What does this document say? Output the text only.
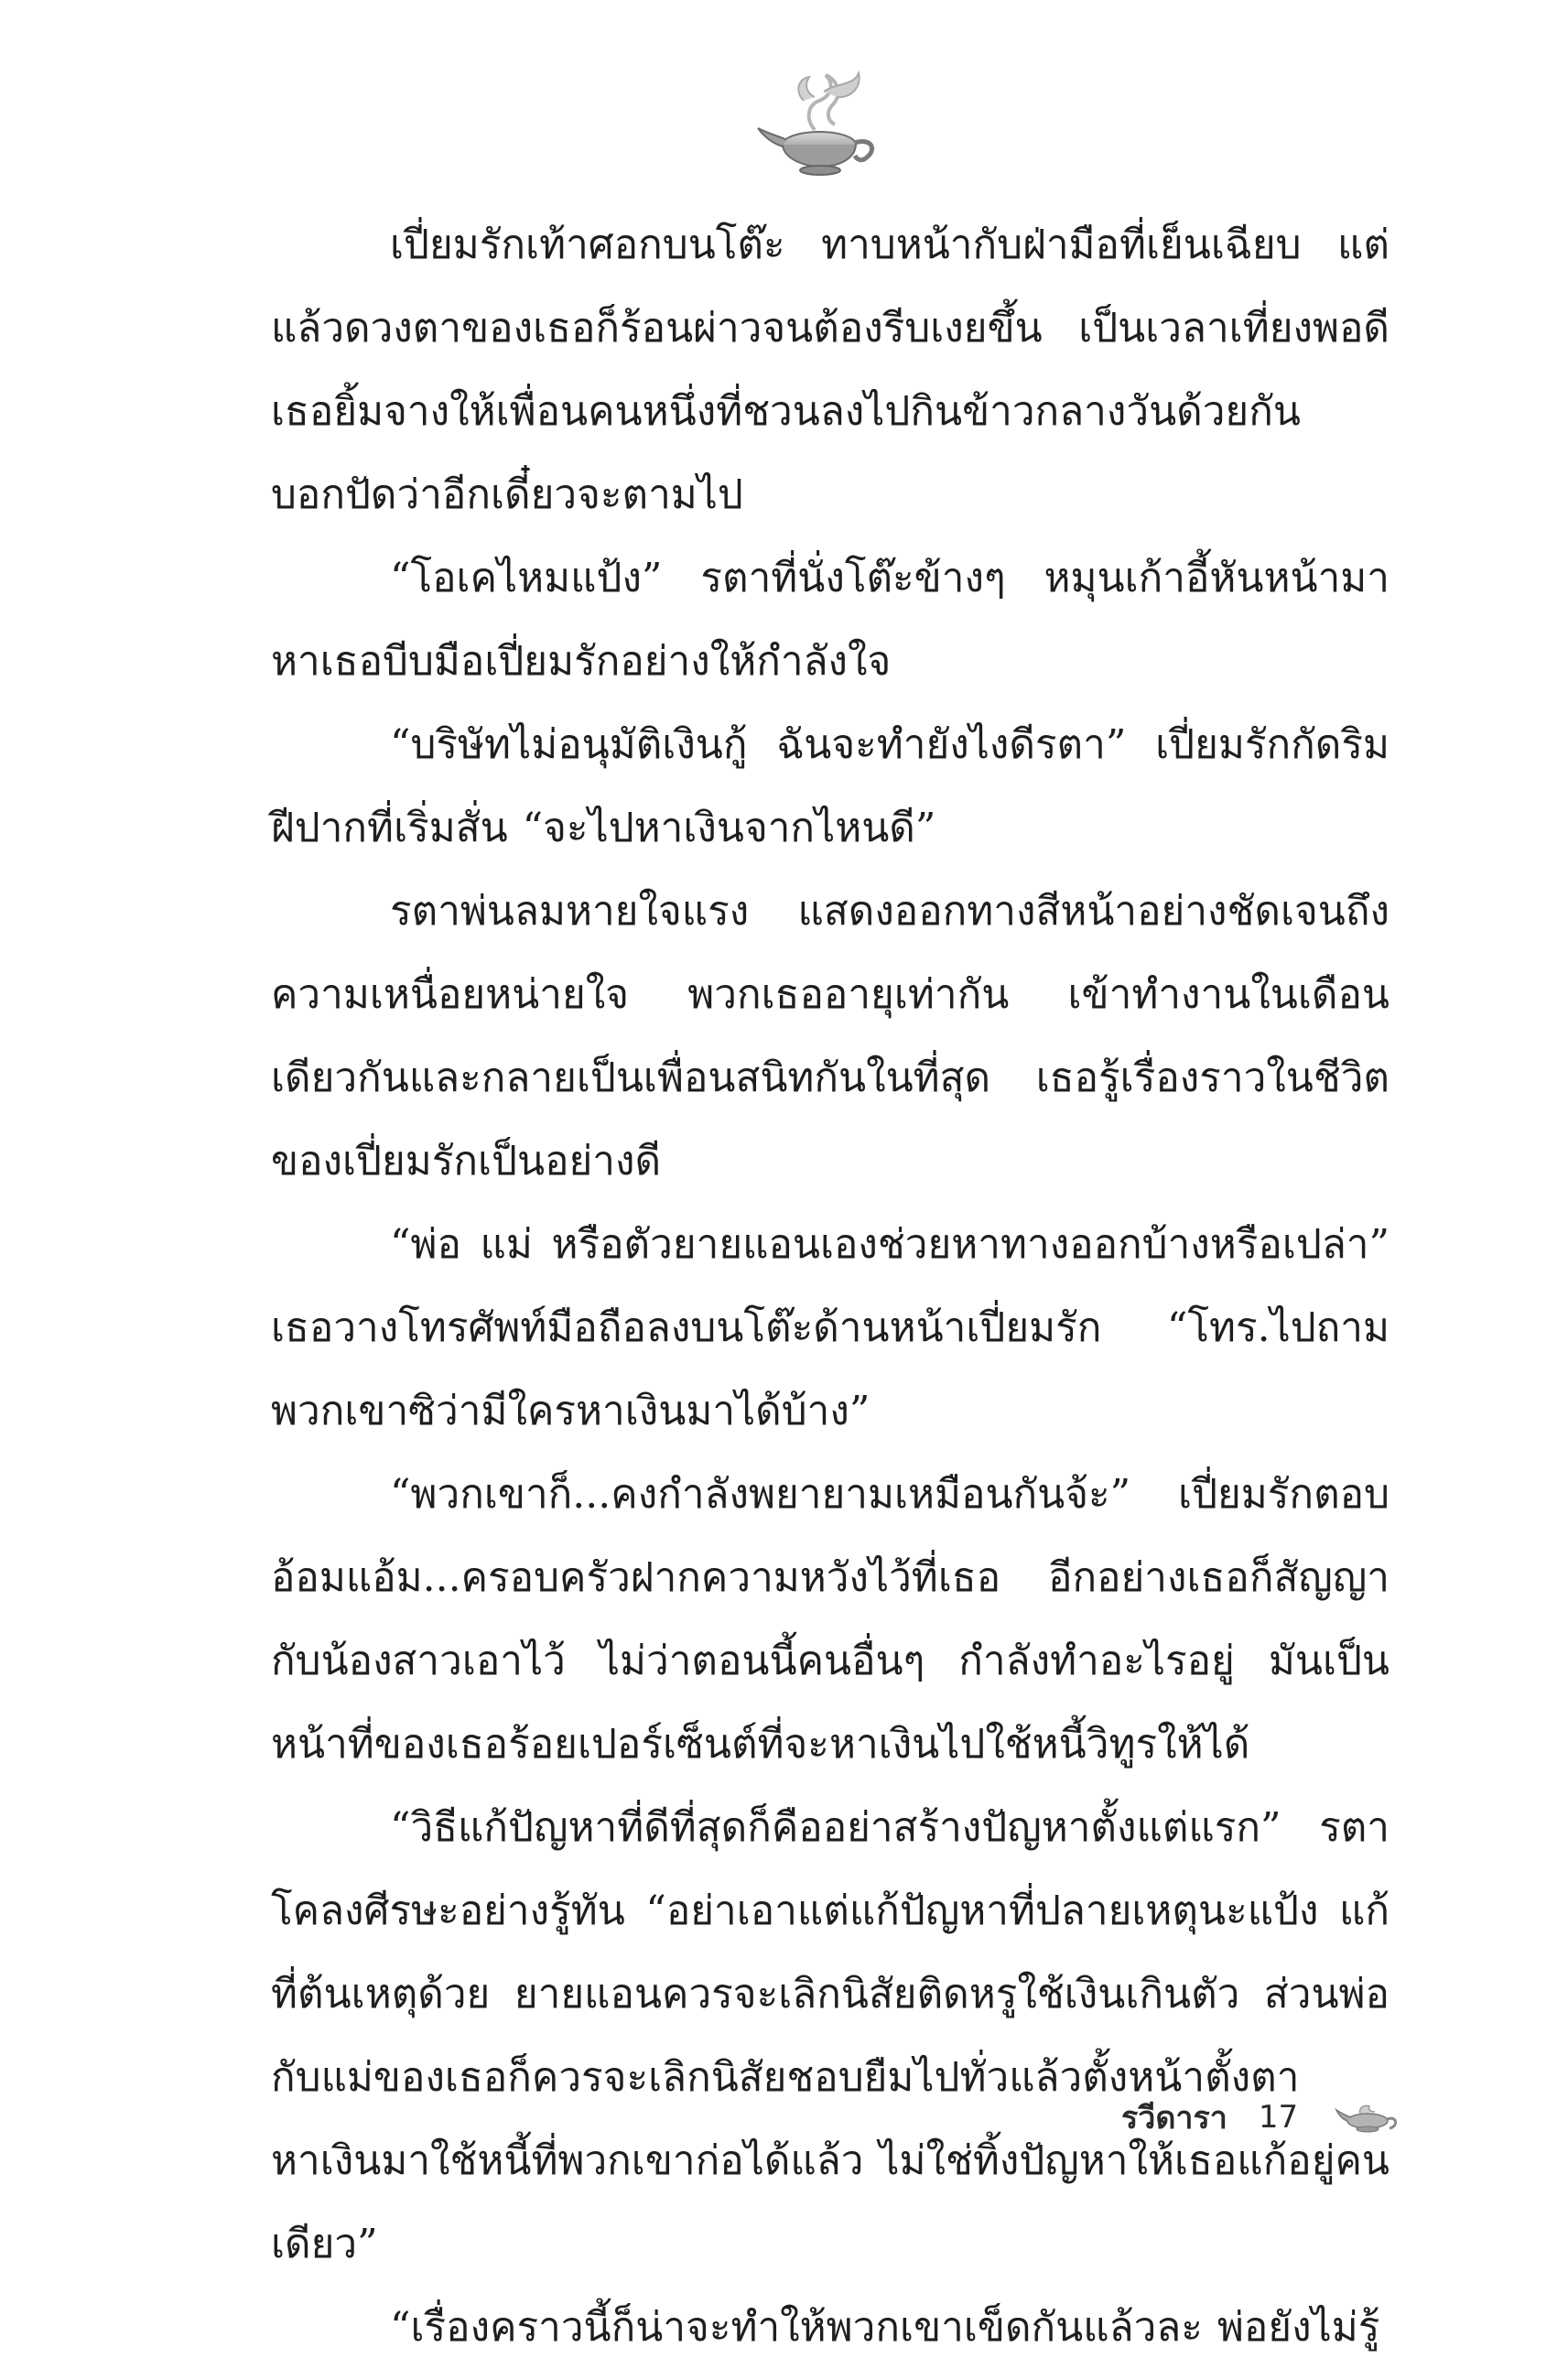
เปี่ยมรักเท้าศอกบนโต๊ะ ทาบหน้ากับฝ่ามือที่เย็นเฉียบ แต่แล้วดวงตาของเธอก็ร้อนผ่าวจนต้องรีบเงยขึ้น เป็นเวลาเที่ยงพอดี เธอยิ้มจางให้เพื่อนคนหนึ่งที่ชวนลงไปกินข้าวกลางวันด้วยกัน บอกปัดว่าอีกเดี๋ยวจะตามไป

“โอเคไหมแป้ง” รตาที่นั่งโต๊ะข้างๆ หมุนเก้าอี้หันหน้ามาหาเธอบีบมือเปี่ยมรักอย่างให้กำลังใจ

“บริษัทไม่อนุมัติเงินกู้ ฉันจะทำยังไงดีรตา” เปี่ยมรักกัดริมฝีปากที่เริ่มสั่น “จะไปหาเงินจากไหนดี”

รตาพ่นลมหายใจแรง แสดงออกทางสีหน้าอย่างชัดเจนถึงความเหนื่อยหน่ายใจ พวกเธออายุเท่ากัน เข้าทำงานในเดือนเดียวกันและกลายเป็นเพื่อนสนิทกันในที่สุด เธอรู้เรื่องราวในชีวิตของเปี่ยมรักเป็นอย่างดี

“พ่อ แม่ หรือตัวยายแอนเองช่วยหาทางออกบ้างหรือเปล่า” เธอวางโทรศัพท์มือถือลงบนโต๊ะด้านหน้าเปี่ยมรัก “โทร.ไปถามพวกเขาซิว่ามีใครหาเงินมาได้บ้าง”

“พวกเขาก็...คงกำลังพยายามเหมือนกันจ้ะ” เปี่ยมรักตอบอ้อมแอ้ม...ครอบครัวฝากความหวังไว้ที่เธอ อีกอย่างเธอก็สัญญากับน้องสาวเอาไว้ ไม่ว่าตอนนี้คนอื่นๆ กำลังทำอะไรอยู่ มันเป็นหน้าที่ของเธอร้อยเปอร์เซ็นต์ที่จะหาเงินไปใช้หนี้วิทูรให้ได้

“วิธีแก้ปัญหาที่ดีที่สุดก็คืออย่าสร้างปัญหาตั้งแต่แรก” รตาโคลงศีรษะอย่างรู้ทัน “อย่าเอาแต่แก้ปัญหาที่ปลายเหตุนะแป้ง แก้ที่ต้นเหตุด้วย ยายแอนควรจะเลิกนิสัยติดหรูใช้เงินเกินตัว ส่วนพ่อกับแม่ของเธอก็ควรจะเลิกนิสัยชอบยืมไปทั่วแล้วตั้งหน้าตั้งตาหาเงินมาใช้หนี้ที่พวกเขาก่อได้แล้ว ไม่ใช่ทิ้งปัญหาให้เธอแก้อยู่คนเดียว”

“เรื่องคราวนี้ก็น่าจะทำให้พวกเขาเข็ดกันแล้วละ พ่อยังไม่รู้

รวีดารา 17
